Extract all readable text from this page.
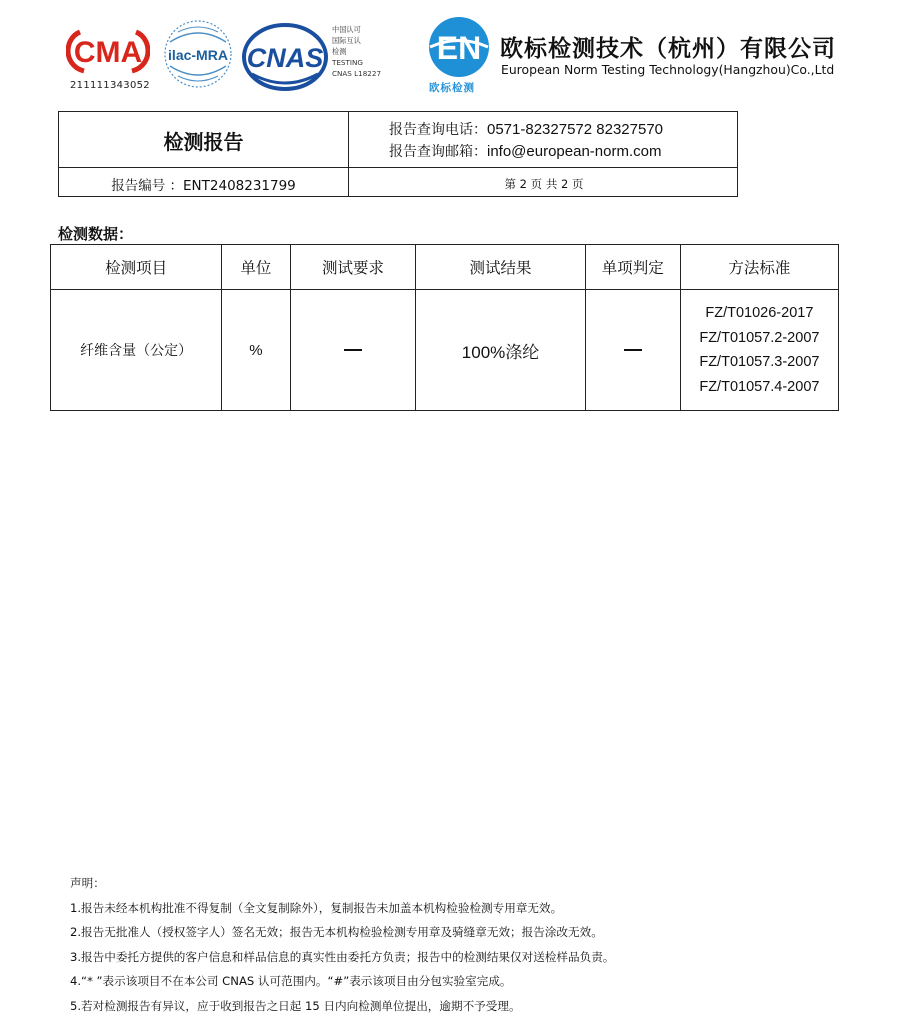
CMA
211111343052
ilac-MRA CNAS
中国认可
国际互认
检测
TESTING
CNAS L18227
EN
欧标检测
欧标检测技术（杭州）有限公司
European Norm Testing Technology(Hangzhou)Co.,Ltd
检测报告	报告查询电话：0571-82327572 82327570
报告查询邮箱：info@european-norm.com
报告编号 ：ENT2408231799	第 2 页 共 2 页
检测数据：
检测项目	单位	测试要求	测试结果	单项判定	方法标准
纤维含量（公定）	%		100%涤纶		FZ/T01026-2017
FZ/T01057.2-2007
FZ/T01057.3-2007
FZ/T01057.4-2007
声明：
1.报告未经本机构批准不得复制（全文复制除外），复制报告未加盖本机构检验检测专用章无效。
2.报告无批准人（授权签字人）签名无效；报告无本机构检验检测专用章及骑缝章无效；报告涂改无效。
3.报告中委托方提供的客户信息和样品信息的真实性由委托方负责；报告中的检测结果仅对送检样品负责。
4.“* ”表示该项目不在本公司 CNAS 认可范围内。“#”表示该项目由分包实验室完成。
5.若对检测报告有异议，应于收到报告之日起 15 日内向检测单位提出，逾期不予受理。
